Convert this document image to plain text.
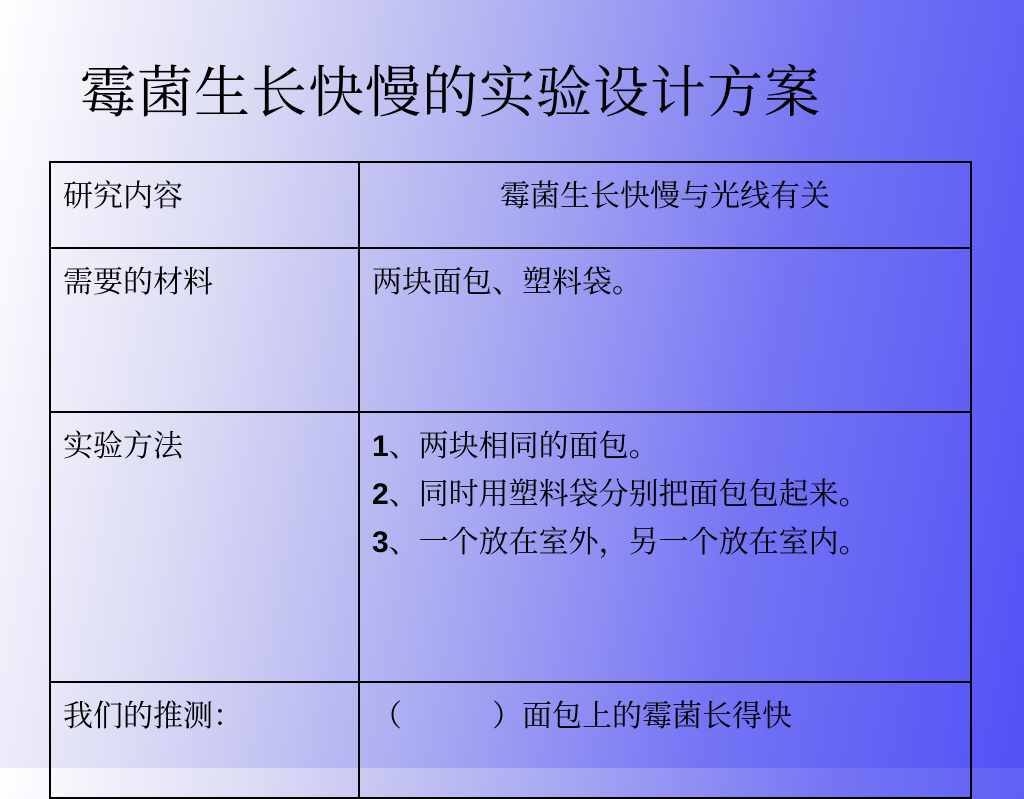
霉菌生长快慢的实验设计方案
研究内容	霉菌生长快慢与光线有关
需要的材料	两块面包、塑料袋。
实验方法	1、两块相同的面包。
2、同时用塑料袋分别把面包包起来。
3、一个放在室外，另一个放在室内。

我们的推测：	（　　　）面包上的霉菌长得快
